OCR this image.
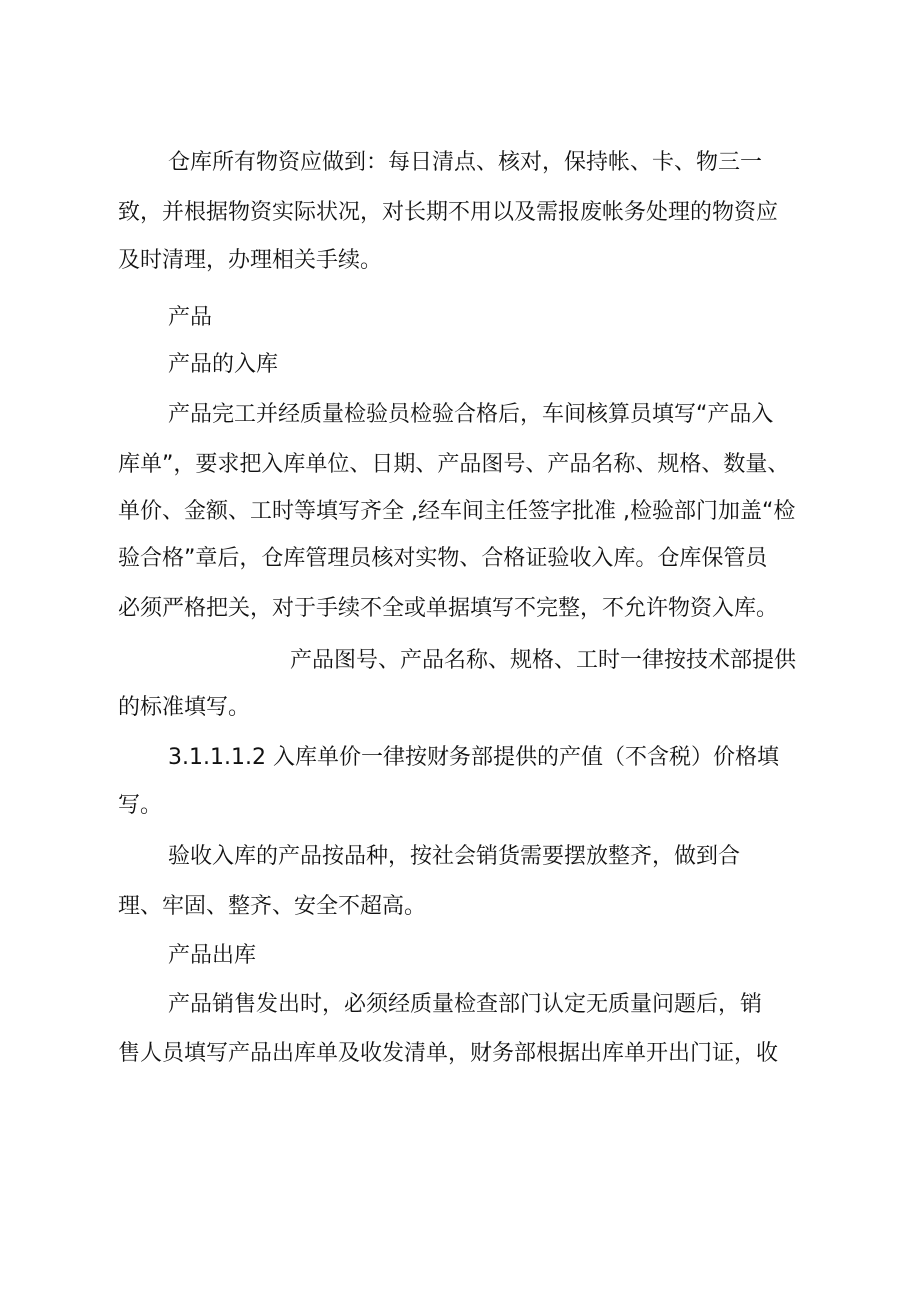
仓库所有物资应做到：每日清点、核对，保持帐、卡、物三一
致，并根据物资实际状况，对长期不用以及需报废帐务处理的物资应
及时清理，办理相关手续。
产品
产品的入库
产品完工并经质量检验员检验合格后，车间核算员填写“产品入
库单”，要求把入库单位、日期、产品图号、产品名称、规格、数量、
单价、金额、工时等填写齐全 ,经车间主任签字批准 ,检验部门加盖“检
验合格”章后，仓库管理员核对实物、合格证验收入库。仓库保管员
必须严格把关，对于手续不全或单据填写不完整，不允许物资入库。
产品图号、产品名称、规格、工时一律按技术部提供
的标准填写。
3.1.1.1.2 入库单价一律按财务部提供的产值（不含税）价格填
写。
验收入库的产品按品种，按社会销货需要摆放整齐，做到合
理、牢固、整齐、安全不超高。
产品出库
产品销售发出时，必须经质量检查部门认定无质量问题后，销
售人员填写产品出库单及收发清单，财务部根据出库单开出门证，收
